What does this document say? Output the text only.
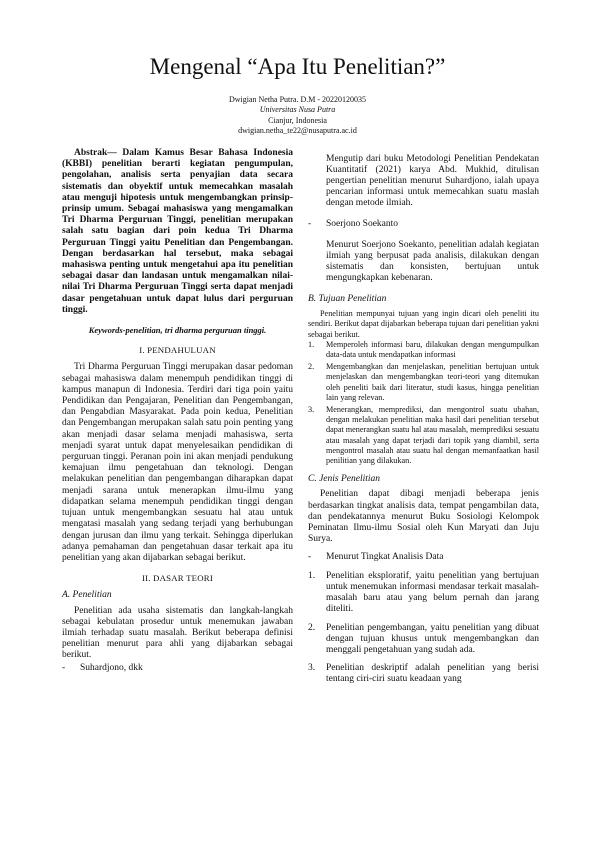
Mengenal “Apa Itu Penelitian?”
Dwigian Netha Putra. D.M - 20220120035
Universitas Nusa Putra
Cianjur, Indonesia
dwigian.netha_te22@nusaputra.ac.id

Abstrak— Dalam Kamus Besar Bahasa Indonesia (KBBI) penelitian berarti kegiatan pengumpulan, pengolahan, analisis serta penyajian data secara sistematis dan obyektif untuk memecahkan masalah atau menguji hipotesis untuk mengembangkan prinsip-prinsip umum. Sebagai mahasiswa yang mengamalkan Tri Dharma Perguruan Tinggi, penelitian merupakan salah satu bagian dari poin kedua Tri Dharma Perguruan Tinggi yaitu Penelitian dan Pengembangan. Dengan berdasarkan hal tersebut, maka sebagai mahasiswa penting untuk mengetahui apa itu penelitian sebagai dasar dan landasan untuk mengamalkan nilai-nilai Tri Dharma Perguruan Tinggi serta dapat menjadi dasar pengetahuan untuk dapat lulus dari perguruan tinggi.

Keywords-penelitian, tri dharma perguruan tinggi.

I. PENDAHULUAN

Tri Dharma Perguruan Tinggi merupakan dasar pedoman sebagai mahasiswa dalam menempuh pendidikan tinggi di kampus manapun di Indonesia. Terdiri dari tiga poin yaitu Pendidikan dan Pengajaran, Penelitian dan Pengembangan, dan Pengabdian Masyarakat. Pada poin kedua, Penelitian dan Pengembangan merupakan salah satu poin penting yang akan menjadi dasar selama menjadi mahasiswa, serta menjadi syarat untuk dapat menyelesaikan pendidikan di perguruan tinggi. Peranan poin ini akan menjadi pendukung kemajuan ilmu pengetahuan dan teknologi. Dengan melakukan penelitian dan pengembangan diharapkan dapat menjadi sarana untuk menerapkan ilmu-ilmu yang didapatkan selama menempuh pendidikan tinggi dengan tujuan untuk mengembangkan sesuatu hal atau untuk mengatasi masalah yang sedang terjadi yang berhubungan dengan jurusan dan ilmu yang terkait. Sehingga diperlukan adanya pemahaman dan pengetahuan dasar terkait apa itu penelitian yang akan dijabarkan sebagai berikut.

II. DASAR TEORI
A. Penelitian

Penelitian ada usaha sistematis dan langkah-langkah sebagai kebulatan prosedur untuk menemukan jawaban ilmiah terhadap suatu masalah. Berikut beberapa definisi penelitian menurut para ahli yang dijabarkan sebagai berikut.

-	Suhardjono, dkk

Mengutip dari buku Metodologi Penelitian Pendekatan Kuantitatif (2021) karya Abd. Mukhid, ditulisan pengertian penelitian menurut Suhardjono, ialah upaya pencarian informasi untuk memecahkan suatu maslah dengan metode ilmiah.

-	Soerjono Soekanto

Menurut Soerjono Soekanto, penelitian adalah kegiatan ilmiah yang berpusat pada analisis, dilakukan dengan sistematis dan konsisten, bertujuan untuk mengungkapkan kebenaran.

B. Tujuan Penelitian

Penelitian mempunyai tujuan yang ingin dicari oleh peneliti itu sendiri. Berikut dapat dijabarkan beberapa tujuan dari penelitian yakni sebagai berikut.

1.	Memperoleh informasi baru, dilakukan dengan mengumpulkan data-data untuk mendapatkan informasi
2.	Mengembangkan dan menjelaskan, penelitian bertujuan untuk menjelaskan dan mengembangkan teori-teori yang ditemukan oleh peneliti baik dari literatur, studi kasus, hingga penelitian lain yang relevan.
3.	Menerangkan, memprediksi, dan mengontrol suatu ubahan, dengan melakukan penelitian maka hasil dari penelitian tersebut dapat menerangkan suatu hal atau masalah, memprediksi sesuatu atau masalah yang dapat terjadi dari topik yang diambil, serta mengontrol masalah atau suatu hal dengan memanfaatkan hasil penilitian yang dilakukan.
C. Jenis Penelitian

Penelitian dapat dibagi menjadi beberapa jenis berdasarkan tingkat analisis data, tempat pengambilan data, dan pendekatannya menurut Buku Sosiologi Kelompok Peminatan Ilmu-ilmu Sosial oleh Kun Maryati dan Juju Surya.

-	Menurut Tingkat Analisis Data
1.	Penelitian eksploratif, yaitu penelitian yang bertujuan untuk menemukan informasi mendasar terkait masalah-masalah baru atau yang belum pernah dan jarang diteliti.
2.	Penelitian pengembangan, yaitu penelitian yang dibuat dengan tujuan khusus untuk mengembangkan dan menggali pengetahuan yang sudah ada.
3.	Penelitian deskriptif adalah penelitian yang berisi tentang ciri-ciri suatu keadaan yang
